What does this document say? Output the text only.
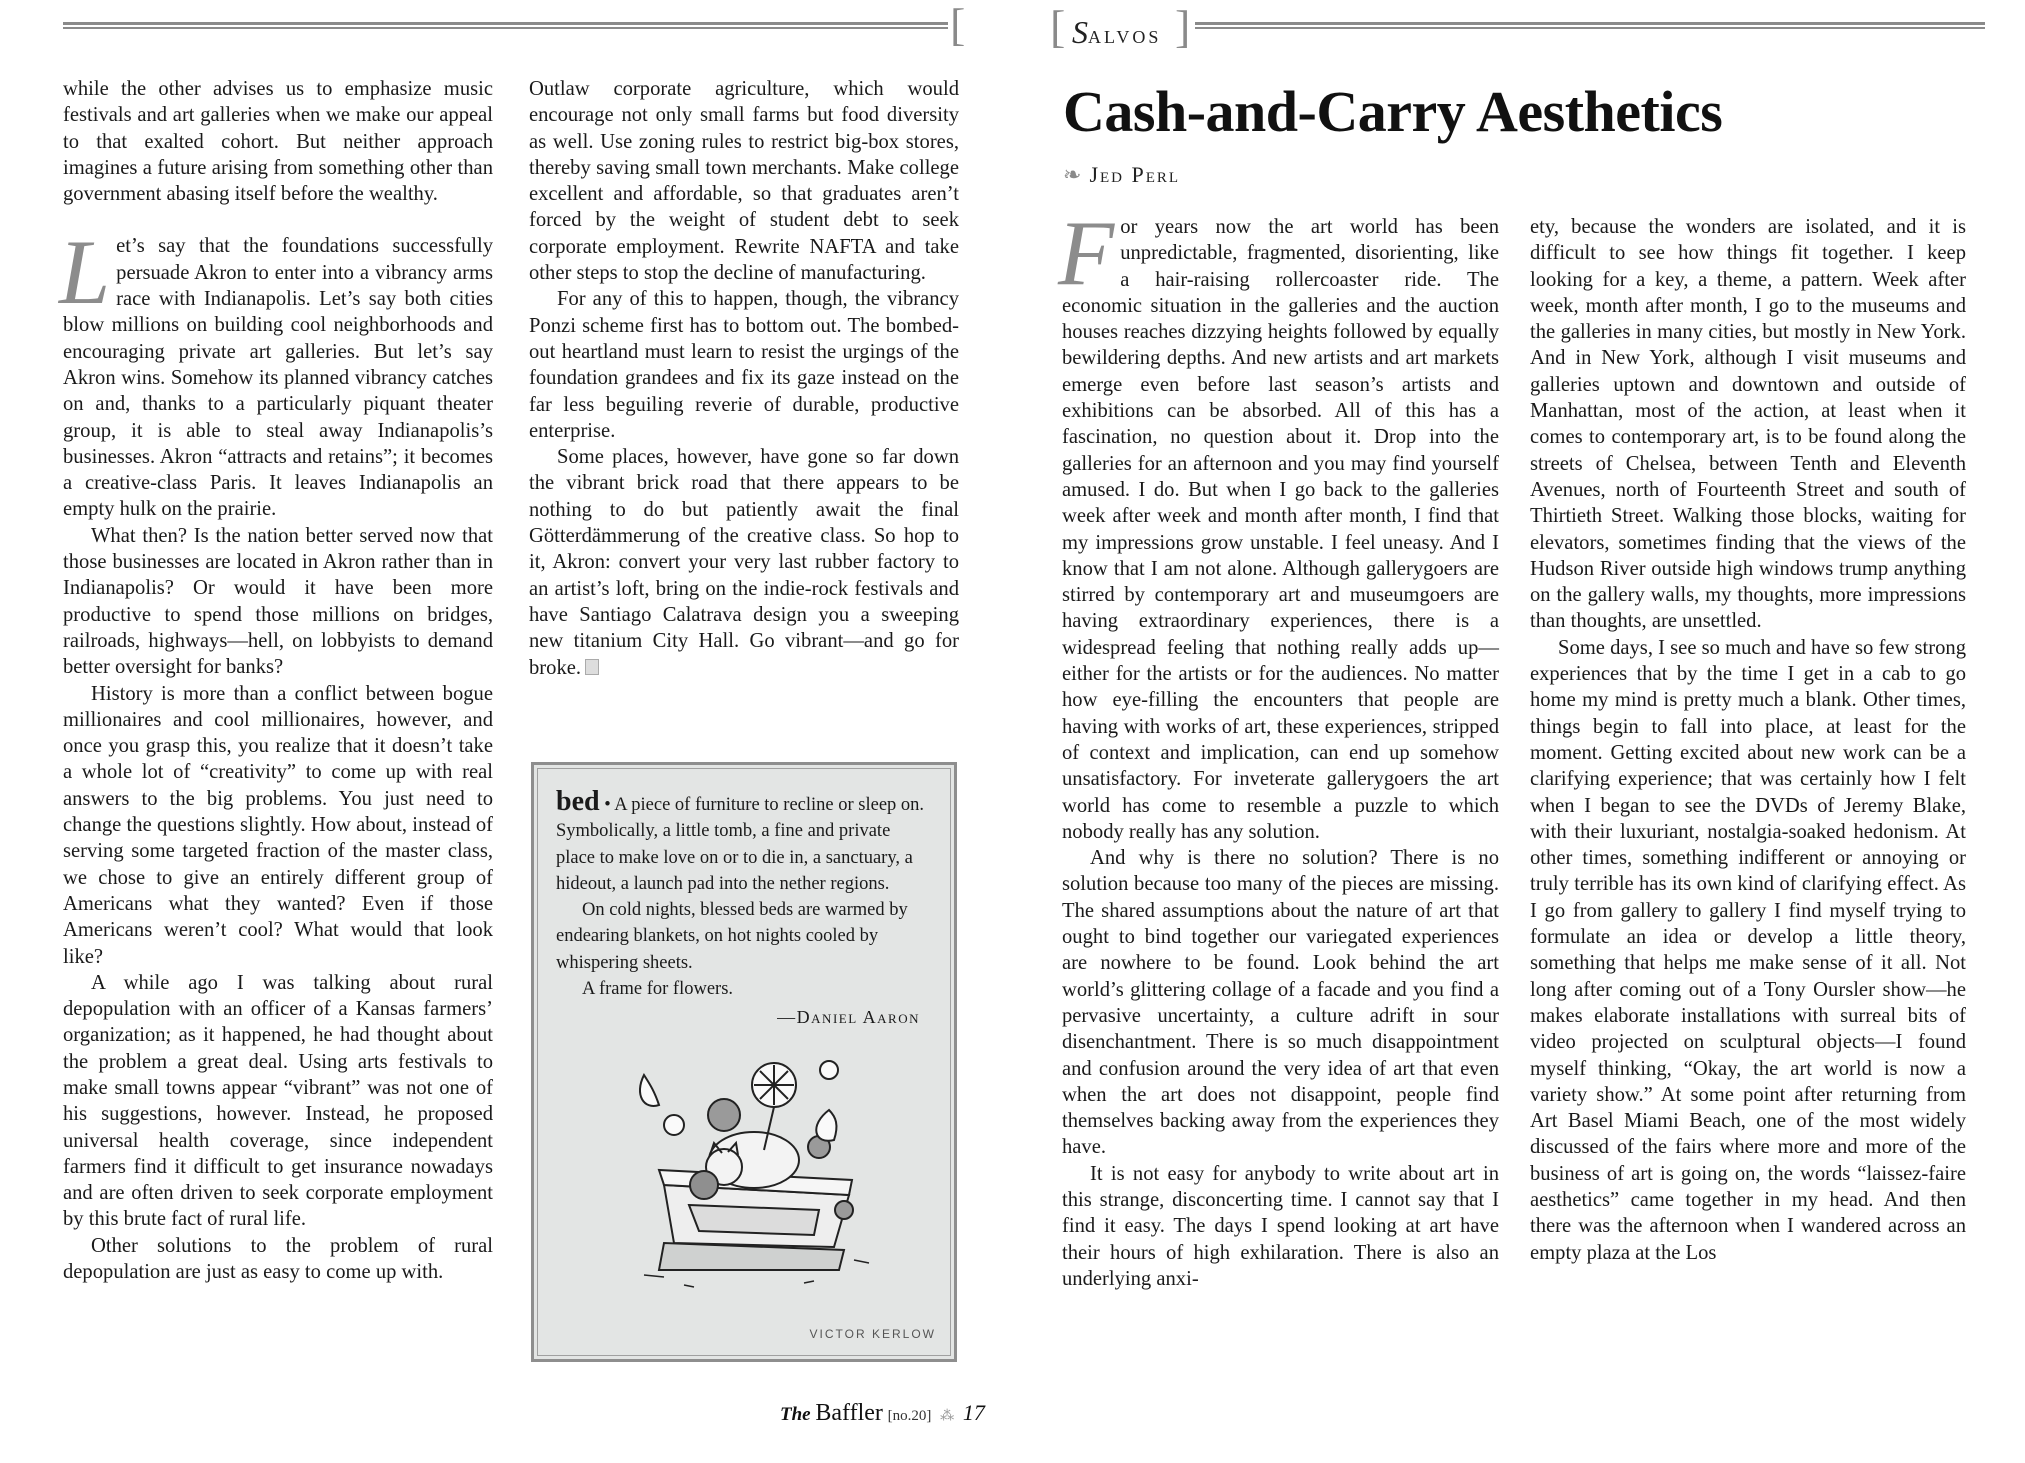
[ [ Salvos ]

while the other advises us to emphasize music festivals and art galleries when we make our appeal to that exalted cohort. But neither approach imagines a future arising from something other than government abasing itself before the wealthy.

Let’s say that the foundations successfully persuade Akron to enter into a vibrancy arms race with Indianapolis. Let’s say both cities blow millions on building cool neighborhoods and encouraging private art galleries. But let’s say Akron wins. Somehow its planned vibrancy catches on and, thanks to a particularly piquant theater group, it is able to steal away Indianapolis’s businesses. Akron “attracts and retains”; it becomes a creative-class Paris. It leaves Indianapolis an empty hulk on the prairie.

What then? Is the nation better served now that those businesses are located in Akron rather than in Indianapolis? Or would it have been more productive to spend those millions on bridges, railroads, highways—hell, on lobbyists to demand better oversight for banks?

History is more than a conflict between bogue millionaires and cool millionaires, however, and once you grasp this, you realize that it doesn’t take a whole lot of “creativity” to come up with real answers to the big problems. You just need to change the questions slightly. How about, instead of serving some targeted fraction of the master class, we chose to give an entirely different group of Americans what they wanted? Even if those Americans weren’t cool? What would that look like?

A while ago I was talking about rural depopulation with an officer of a Kansas farmers’ organization; as it happened, he had thought about the problem a great deal. Using arts festivals to make small towns appear “vibrant” was not one of his suggestions, however. Instead, he proposed universal health coverage, since independent farmers find it difficult to get insurance nowadays and are often driven to seek corporate employment by this brute fact of rural life.

Other solutions to the problem of rural depopulation are just as easy to come up with.

Outlaw corporate agriculture, which would encourage not only small farms but food diversity as well. Use zoning rules to restrict big-box stores, thereby saving small town merchants. Make college excellent and affordable, so that graduates aren’t forced by the weight of student debt to seek corporate employment. Rewrite NAFTA and take other steps to stop the decline of manufacturing.

For any of this to happen, though, the vibrancy Ponzi scheme first has to bottom out. The bombed-out heartland must learn to resist the urgings of the foundation grandees and fix its gaze instead on the far less beguiling reverie of durable, productive enterprise.

Some places, however, have gone so far down the vibrant brick road that there appears to be nothing to do but patiently await the final Götterdämmerung of the creative class. So hop to it, Akron: convert your very last rubber factory to an artist’s loft, bring on the indie-rock festivals and have Santiago Calatrava design you a sweeping new titanium City Hall. Go vibrant—and go for broke.

bed • A piece of furniture to recline or sleep on. Symbolically, a little tomb, a fine and private place to make love on or to die in, a sanctuary, a hideout, a launch pad into the nether regions.

On cold nights, blessed beds are warmed by endearing blankets, on hot nights cooled by whispering sheets.

A frame for flowers.

—Daniel Aaron
VICTOR KERLOW
The Baffler [no.20] ⁂ 17
Cash-and-Carry Aesthetics
❧ Jed Perl

For years now the art world has been unpredictable, fragmented, disorienting, like a hair-raising rollercoaster ride. The economic situation in the galleries and the auction houses reaches dizzying heights followed by equally bewildering depths. And new artists and art markets emerge even before last season’s artists and exhibitions can be absorbed. All of this has a fascination, no question about it. Drop into the galleries for an afternoon and you may find yourself amused. I do. But when I go back to the galleries week after week and month after month, I find that my impressions grow unstable. I feel uneasy. And I know that I am not alone. Although gallerygoers are stirred by contemporary art and museumgoers are having extraordinary experiences, there is a widespread feeling that nothing really adds up—either for the artists or for the audiences. No matter how eye-filling the encounters that people are having with works of art, these experiences, stripped of context and implication, can end up somehow unsatisfactory. For inveterate gallerygoers the art world has come to resemble a puzzle to which nobody really has any solution.

And why is there no solution? There is no solution because too many of the pieces are missing. The shared assumptions about the nature of art that ought to bind together our variegated experiences are nowhere to be found. Look behind the art world’s glittering collage of a facade and you find a pervasive uncertainty, a culture adrift in sour disenchantment. There is so much disappointment and confusion around the very idea of art that even when the art does not disappoint, people find themselves backing away from the experiences they have.

It is not easy for anybody to write about art in this strange, disconcerting time. I cannot say that I find it easy. The days I spend looking at art have their hours of high exhilaration. There is also an underlying anxi-

ety, because the wonders are isolated, and it is difficult to see how things fit together. I keep looking for a key, a theme, a pattern. Week after week, month after month, I go to the museums and the galleries in many cities, but mostly in New York. And in New York, although I visit museums and galleries uptown and downtown and outside of Manhattan, most of the action, at least when it comes to contemporary art, is to be found along the streets of Chelsea, between Tenth and Eleventh Avenues, north of Fourteenth Street and south of Thirtieth Street. Walking those blocks, waiting for elevators, sometimes finding that the views of the Hudson River outside high windows trump anything on the gallery walls, my thoughts, more impressions than thoughts, are unsettled.

Some days, I see so much and have so few strong experiences that by the time I get in a cab to go home my mind is pretty much a blank. Other times, things begin to fall into place, at least for the moment. Getting excited about new work can be a clarifying experience; that was certainly how I felt when I began to see the DVDs of Jeremy Blake, with their luxuriant, nostalgia-soaked hedonism. At other times, something indifferent or annoying or truly terrible has its own kind of clarifying effect. As I go from gallery to gallery I find myself trying to formulate an idea or develop a little theory, something that helps me make sense of it all. Not long after coming out of a Tony Oursler show—he makes elaborate installations with surreal bits of video projected on sculptural objects—I found myself thinking, “Okay, the art world is now a variety show.” At some point after returning from Art Basel Miami Beach, one of the most widely discussed of the fairs where more and more of the business of art is going on, the words “laissez-faire aesthetics” came together in my head. And then there was the afternoon when I wandered across an empty plaza at the Los
